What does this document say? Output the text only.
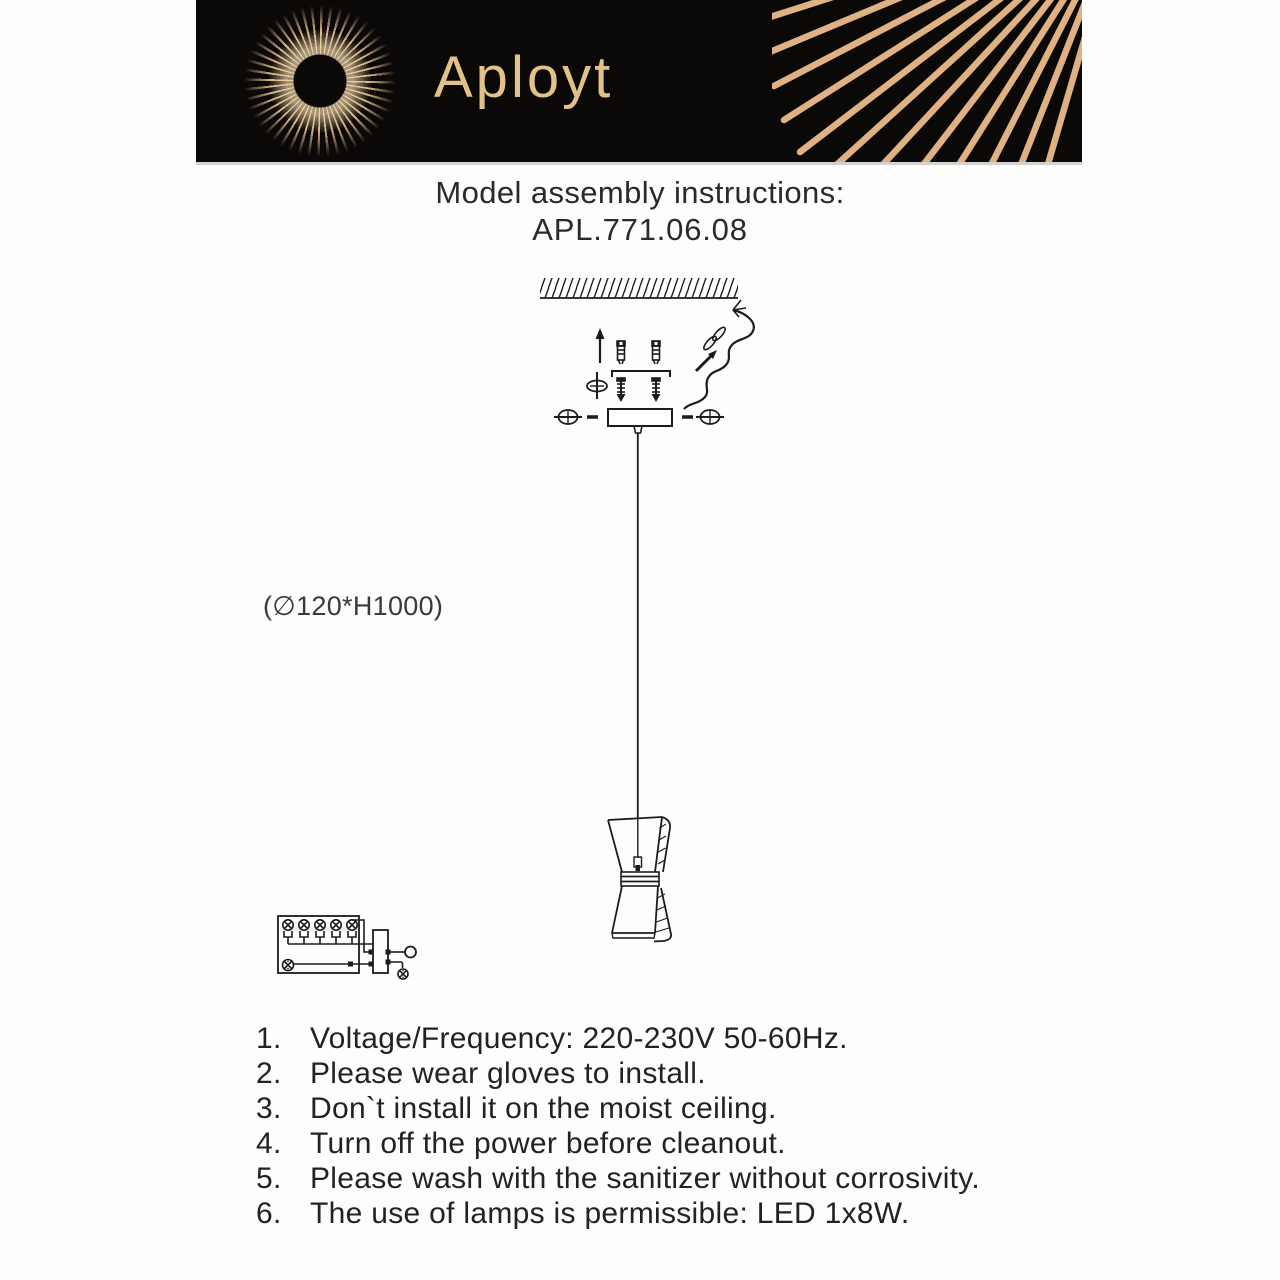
Aployt
Model assembly instructions:
APL.771.06.08
(∅120*H1000)
1. Voltage/Frequency: 220-230V 50-60Hz.
2. Please wear gloves to install.
3. Don`t install it on the moist ceiling.
4. Turn off the power before cleanout.
5. Please wash with the sanitizer without corrosivity.
6. The use of lamps is permissible: LED 1x8W.
